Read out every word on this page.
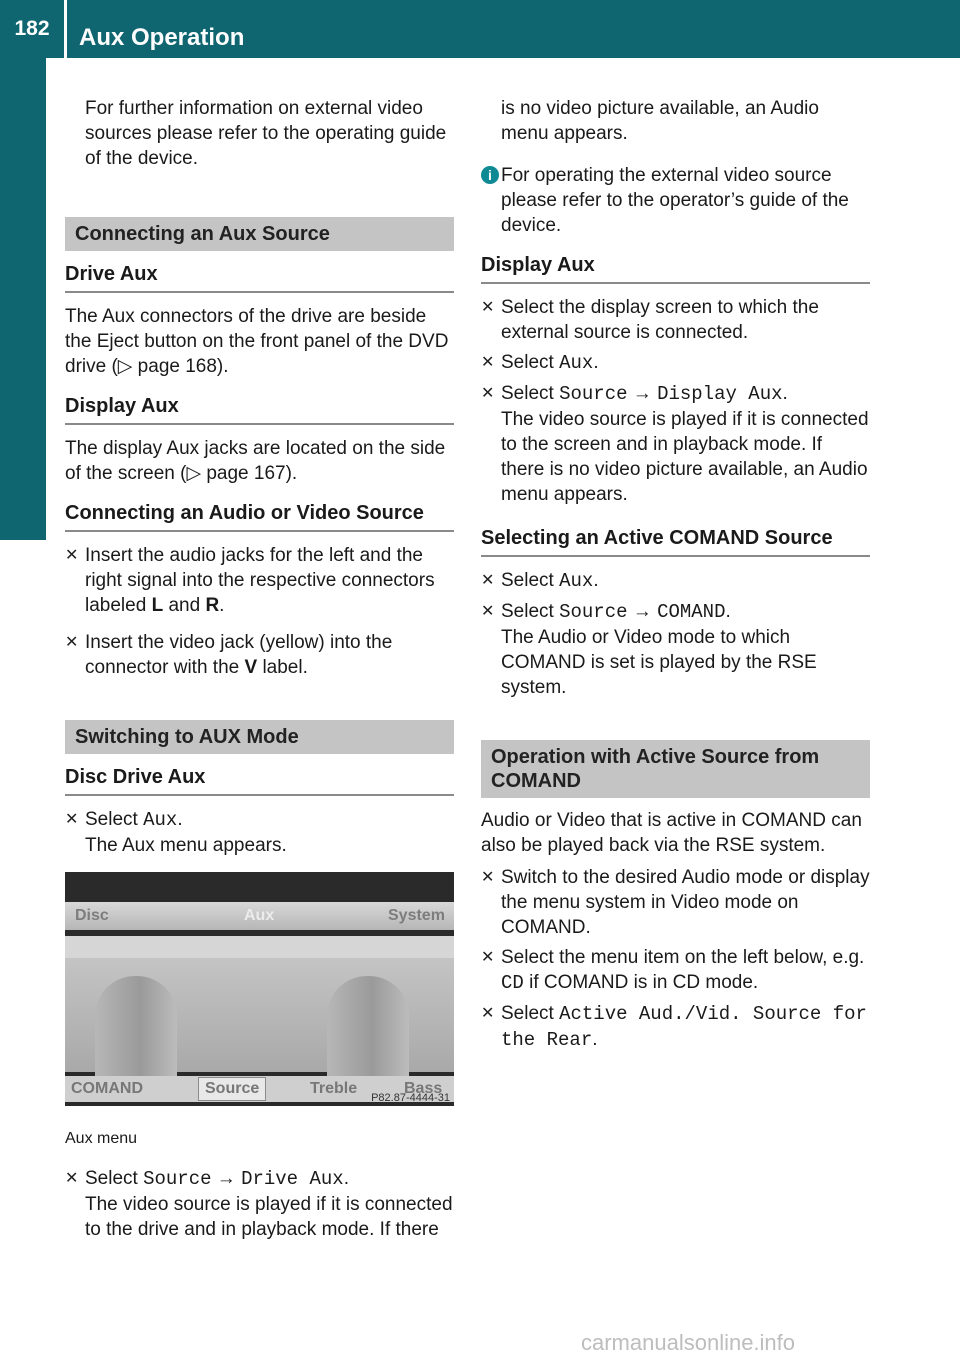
182	Aux Operation
Rear Seat Entertainment

For further information on external video sources please refer to the operating guide of the device.

Connecting an Aux Source
Drive Aux

The Aux connectors of the drive are beside the Eject button on the front panel of the DVD drive (▷ page 168).

Display Aux

The display Aux jacks are located on the side of the screen (▷ page 167).

Connecting an Audio or Video Source
✕ Insert the audio jacks for the left and the right signal into the respective connectors labeled L and R.
✕ Insert the video jack (yellow) into the connector with the V label.
Switching to AUX Mode
Disc Drive Aux
✕ Select Aux.
The Aux menu appears.
Disc	Aux	System
COMAND	Source	Treble	Bass
P82.87-4444-31

Aux menu

✕ Select Source → Drive Aux.
The video source is played if it is connected to the drive and in playback mode. If there

is no video picture available, an Audio menu appears.

i For operating the external video source please refer to the operator’s guide of the device.
Display Aux
✕ Select the display screen to which the external source is connected.
✕ Select Aux.
✕ Select Source → Display Aux.
The video source is played if it is connected to the screen and in playback mode. If there is no video picture available, an Audio menu appears.
Selecting an Active COMAND Source
✕ Select Aux.
✕ Select Source → COMAND.
The Audio or Video mode to which COMAND is set is played by the RSE system.
Operation with Active Source from COMAND

Audio or Video that is active in COMAND can also be played back via the RSE system.

✕ Switch to the desired Audio mode or display the menu system in Video mode on COMAND.
✕ Select the menu item on the left below, e.g. CD if COMAND is in CD mode.
✕ Select Active Aud./Vid. Source for the Rear.
carmanualsonline.info
